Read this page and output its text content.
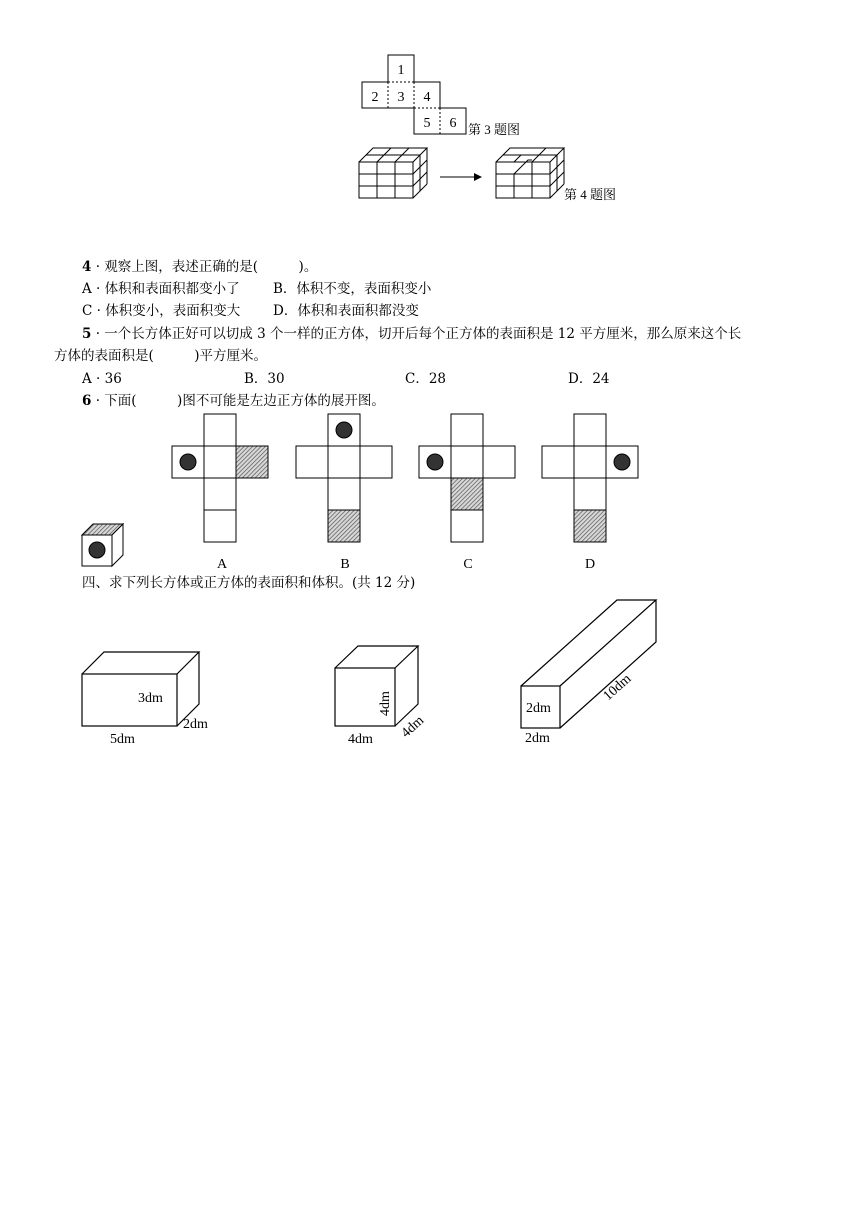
1
2 3 4
5 6 第 3 题图
第 4 题图
4 · 观察上图，表述正确的是(　　　)。
A · 体积和表面积都变小了 B．体积不变，表面积变小
C · 体积变小，表面积变大 D．体积和表面积都没变
5 · 一个长方体正好可以切成 3 个一样的正方体，切开后每个正方体的表面积是 12 平方厘米，那么原来这个长
方体的表面积是(　　　)平方厘米。
A · 36	B．30	C．28	D．24
6 · 下面(　　　)图不可能是左边正方体的展开图。
A	B	C	D
四、求下列长方体或正方体的表面积和体积。(共 12 分)
3dm
2dm
5dm
4dm
4dm
4dm
2dm
10dm
2dm
